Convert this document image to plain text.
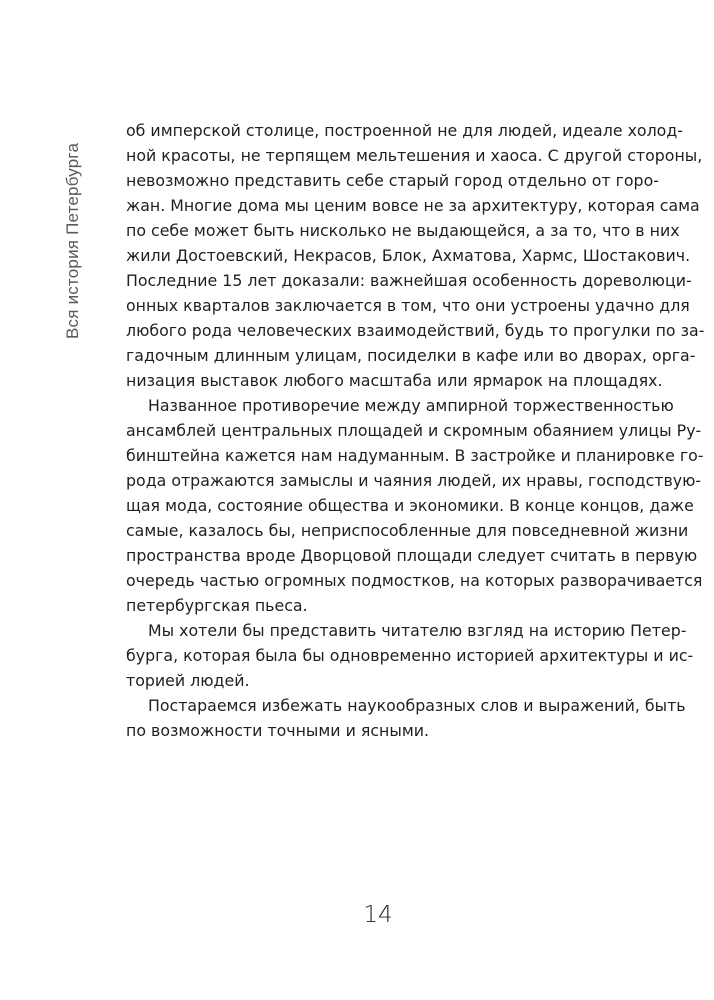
Вся история Петербурга
об имперской столице, построенной не для людей, идеале холод-
ной красоты, не терпящем мельтешения и хаоса. С другой стороны,
невозможно представить себе старый город отдельно от горо-
жан. Многие дома мы ценим вовсе не за архитектуру, которая сама
по себе может быть нисколько не выдающейся, а за то, что в них
жили Достоевский, Некрасов, Блок, Ахматова, Хармс, Шостакович.
Последние 15 лет доказали: важнейшая особенность дореволюци-
онных кварталов заключается в том, что они устроены удачно для
любого рода человеческих взаимодействий, будь то прогулки по за-
гадочным длинным улицам, посиделки в кафе или во дворах, орга-
низация выставок любого масштаба или ярмарок на площадях.
Названное противоречие между ампирной торжественностью
ансамблей центральных площадей и скромным обаянием улицы Ру-
бинштейна кажется нам надуманным. В застройке и планировке го-
рода отражаются замыслы и чаяния людей, их нравы, господствую-
щая мода, состояние общества и экономики. В конце концов, даже
самые, казалось бы, неприспособленные для повседневной жизни
пространства вроде Дворцовой площади следует считать в первую
очередь частью огромных подмостков, на которых разворачивается
петербургская пьеса.
Мы хотели бы представить читателю взгляд на историю Петер-
бурга, которая была бы одновременно историей архитектуры и ис-
торией людей.
Постараемся избежать наукообразных слов и выражений, быть
по возможности точными и ясными.
14
